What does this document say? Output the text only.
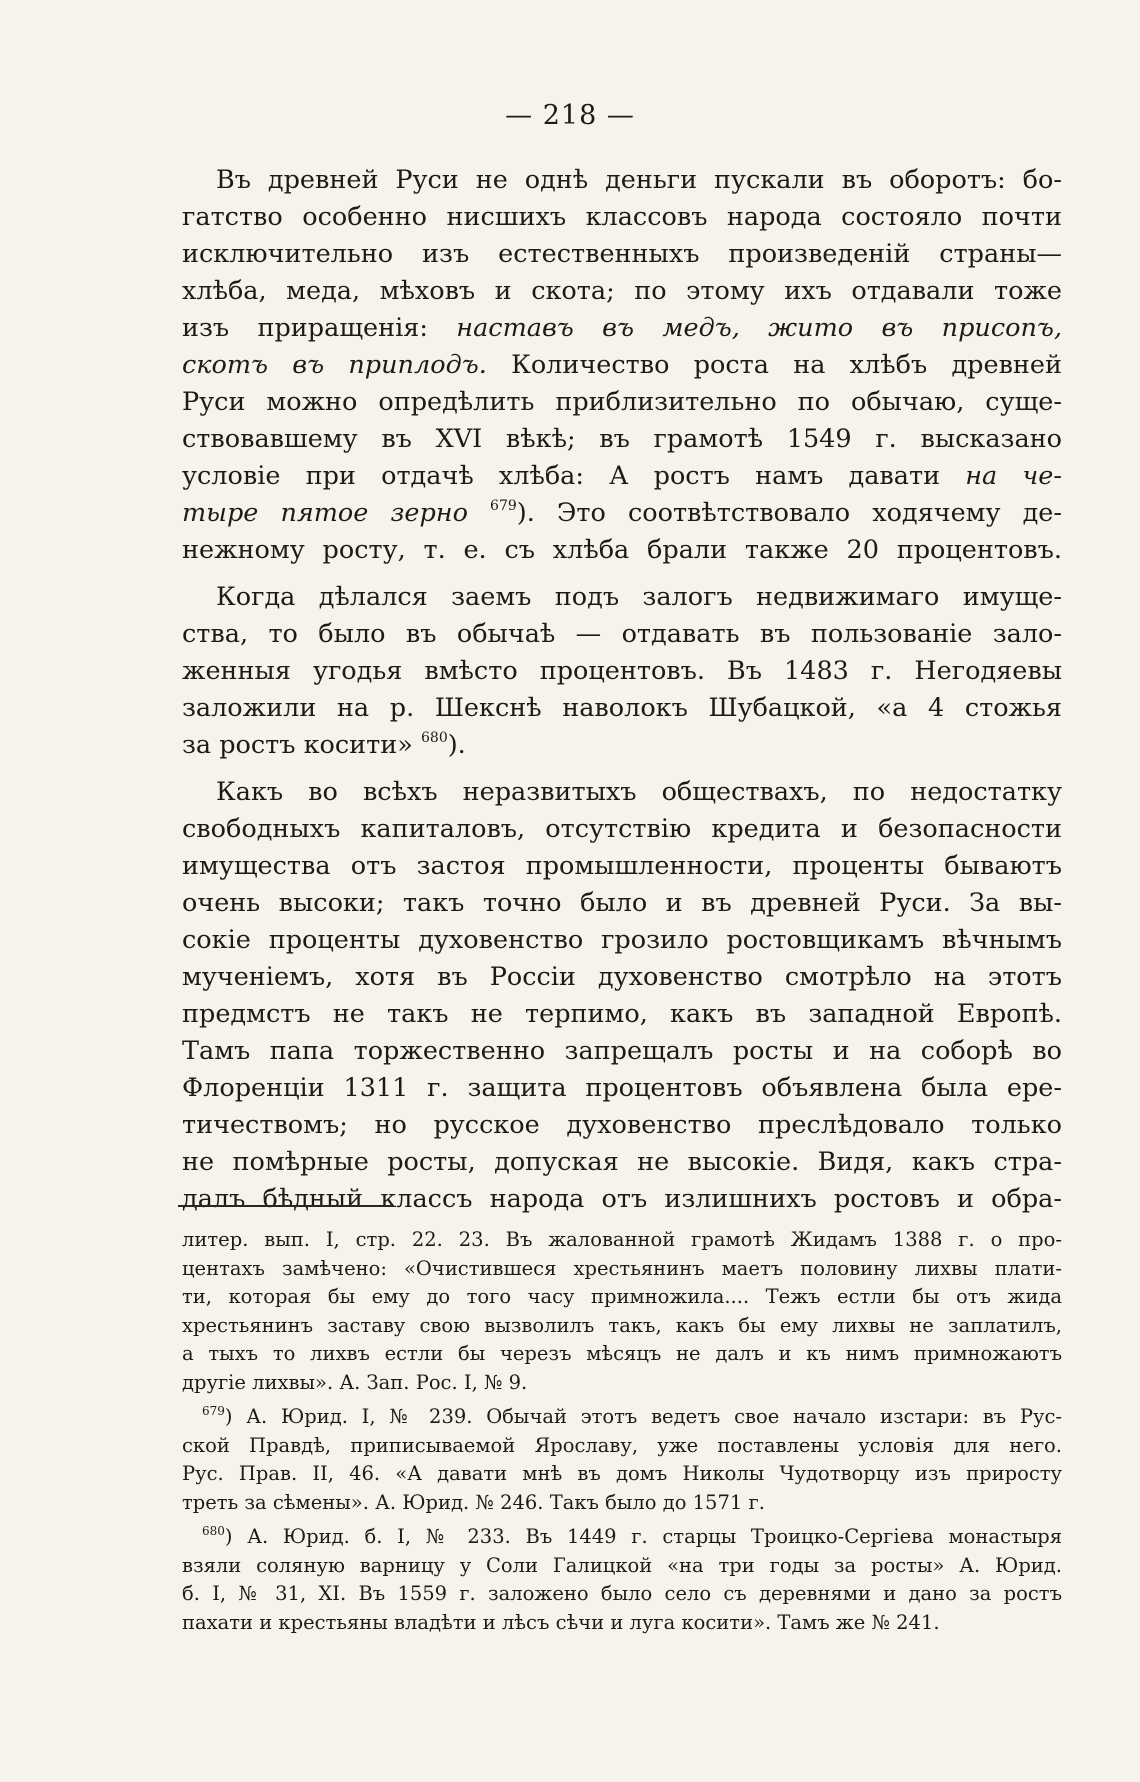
— 218 —
Въ древней Руси не однѣ деньги пускали въ оборотъ: бо-
гатство особенно нисшихъ классовъ народа состояло почти
исключительно изъ естественныхъ произведеній страны—
хлѣба, меда, мѣховъ и скота; по этому ихъ отдавали тоже
изъ приращенія: наставъ въ медъ, жито въ присопъ,
скотъ въ приплодъ. Количество роста на хлѣбъ древней
Руси можно опредѣлить приблизительно по обычаю, суще-
ствовавшему въ XVI вѣкѣ; въ грамотѣ 1549 г. высказано
условіе при отдачѣ хлѣба: А ростъ намъ давати на че-
тыре пятое зерно $^{679}$). Это соотвѣтствовало ходячему де-
нежному росту, т. е. съ хлѣба брали также 20 процентовъ.
Когда дѣлался заемъ подъ залогъ недвижимаго имуще-
ства, то было въ обычаѣ — отдавать въ пользованіе зало-
женныя угодья вмѣсто процентовъ. Въ 1483 г. Негодяевы
заложили на р. Шекснѣ наволокъ Шубацкой, «а 4 стожья
за ростъ косити» $^{680}$).
Какъ во всѣхъ неразвитыхъ обществахъ, по недостатку
свободныхъ капиталовъ, отсутствію кредита и безопасности
имущества отъ застоя промышленности, проценты бываютъ
очень высоки; такъ точно было и въ древней Руси. За вы-
сокіе проценты духовенство грозило ростовщикамъ вѣчнымъ
мученіемъ, хотя въ Россіи духовенство смотрѣло на этотъ
предмстъ не такъ не терпимо, какъ въ западной Европѣ.
Тамъ папа торжественно запрещалъ росты и на соборѣ во
Флоренціи 1311 г. защита процентовъ объявлена была ере-
тичествомъ; но русское духовенство преслѣдовало только
не помѣрные росты, допуская не высокіе. Видя, какъ стра-
далъ бѣдный классъ народа отъ излишнихъ ростовъ и обра-
литер. вып. I, стр. 22. 23. Въ жалованной грамотѣ Жидамъ 1388 г. о про-
центахъ замѣчено: «Очистившеся хрестьянинъ маетъ половину лихвы плати-
ти, которая бы ему до того часу примножила.... Тежъ естли бы отъ жида
хрестьянинъ заставу свою вызволилъ такъ, какъ бы ему лихвы не заплатилъ,
а тыхъ то лихвъ естли бы черезъ мѣсяцъ не далъ и къ нимъ примножаютъ
другіе лихвы». А. Зап. Рос. I, № 9.
$^{679}$) А. Юрид. I, № 239. Обычай этотъ ведетъ свое начало изстари: въ Рус-
ской Правдѣ, приписываемой Ярославу, уже поставлены условія для него.
Рус. Прав. II, 46. «А давати мнѣ въ домъ Николы Чудотворцу изъ прироcту
треть за сѣмены». А. Юрид. № 246. Такъ было до 1571 г.
$^{680}$) А. Юрид. б. I, № 233. Въ 1449 г. старцы Троицко-Сергіева монастыря
взяли соляную варницу у Соли Галицкой «на три годы за росты» А. Юрид.
б. I, № 31, XI. Въ 1559 г. заложено было село съ деревнями и дано за ростъ
пахати и крестьяны владѣти и лѣсъ сѣчи и луга косити». Тамъ же № 241.
